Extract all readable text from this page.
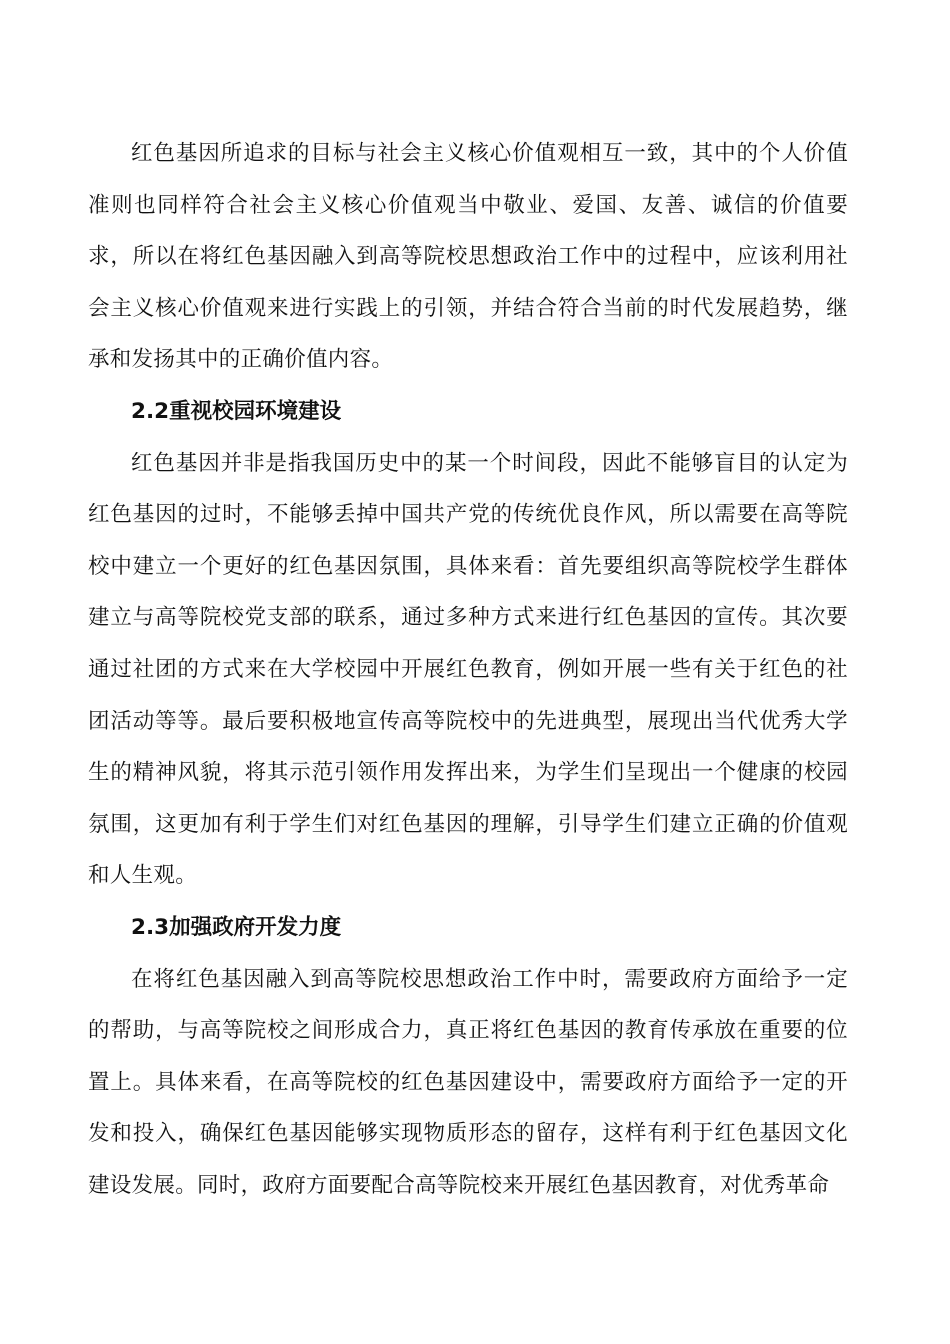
红色基因所追求的目标与社会主义核心价值观相互一致，其中的个人价值准则也同样符合社会主义核心价值观当中敬业、爱国、友善、诚信的价值要求，所以在将红色基因融入到高等院校思想政治工作中的过程中，应该利用社会主义核心价值观来进行实践上的引领，并结合符合当前的时代发展趋势，继承和发扬其中的正确价值内容。

2.2重视校园环境建设

红色基因并非是指我国历史中的某一个时间段，因此不能够盲目的认定为红色基因的过时，不能够丢掉中国共产党的传统优良作风，所以需要在高等院校中建立一个更好的红色基因氛围，具体来看：首先要组织高等院校学生群体建立与高等院校党支部的联系，通过多种方式来进行红色基因的宣传。其次要通过社团的方式来在大学校园中开展红色教育，例如开展一些有关于红色的社团活动等等。最后要积极地宣传高等院校中的先进典型，展现出当代优秀大学生的精神风貌，将其示范引领作用发挥出来，为学生们呈现出一个健康的校园氛围，这更加有利于学生们对红色基因的理解，引导学生们建立正确的价值观和人生观。

2.3加强政府开发力度

在将红色基因融入到高等院校思想政治工作中时，需要政府方面给予一定的帮助，与高等院校之间形成合力，真正将红色基因的教育传承放在重要的位置上。具体来看，在高等院校的红色基因建设中，需要政府方面给予一定的开发和投入，确保红色基因能够实现物质形态的留存，这样有利于红色基因文化建设发展。同时，政府方面要配合高等院校来开展红色基因教育，对优秀革命
